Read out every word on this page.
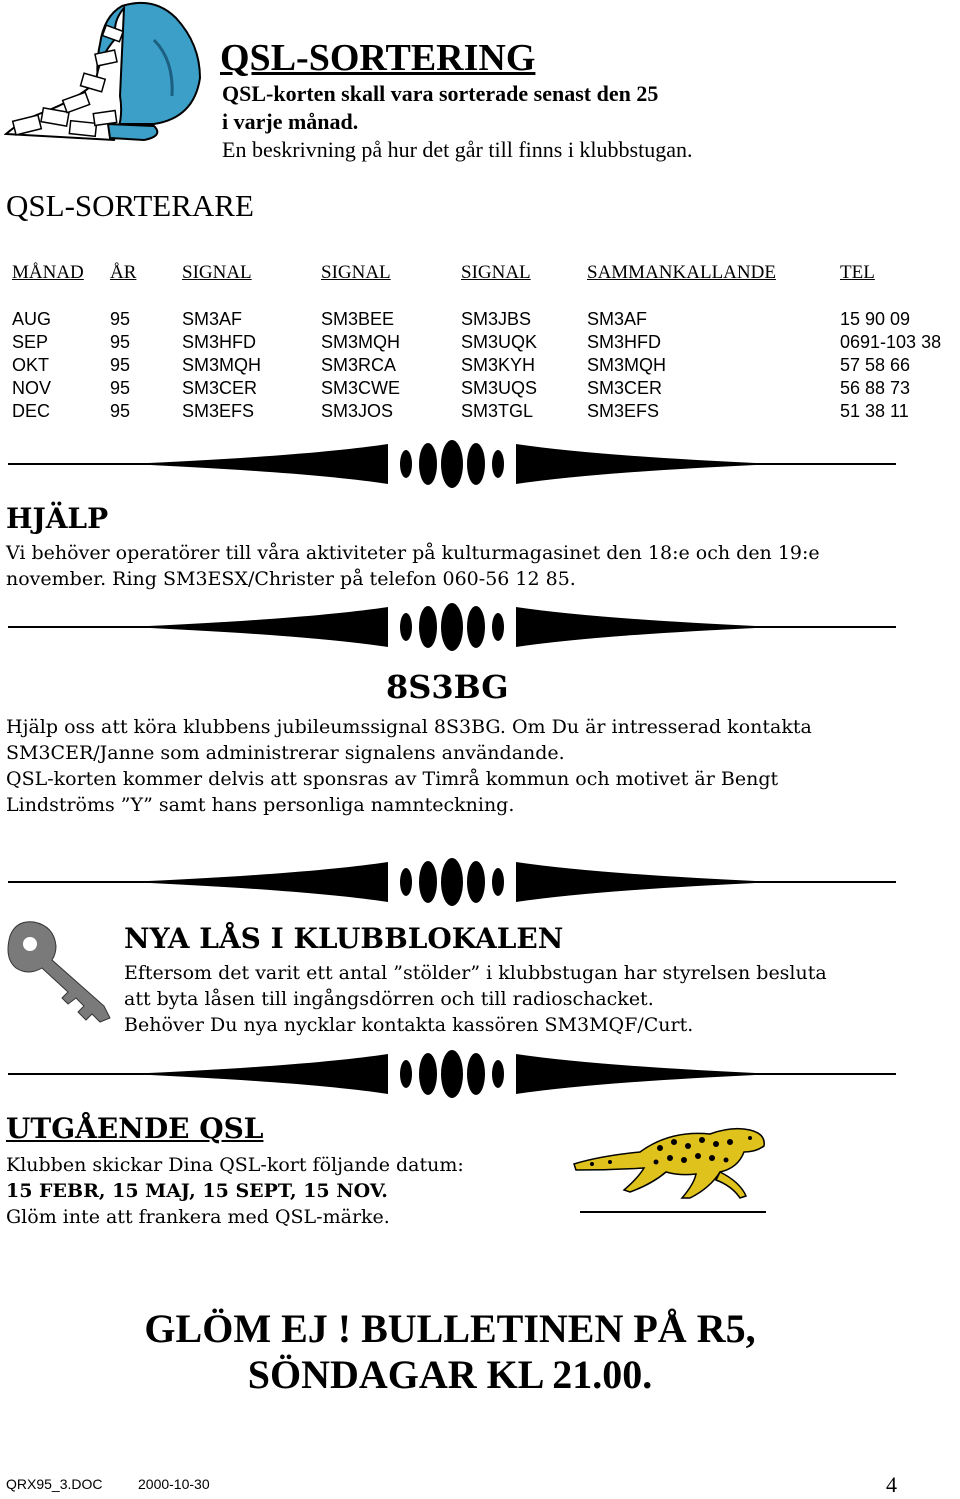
QSL-SORTERING
QSL-korten skall vara sorterade senast den 25
i varje månad.
En beskrivning på hur det går till finns i klubbstugan.
QSL-SORTERARE
MÅNAD	ÅR	SIGNAL	SIGNAL	SIGNAL	SAMMANKALLANDE	TEL

AUG	95	SM3AF	SM3BEE	SM3JBS	SM3AF	15 90 09
SEP	95	SM3HFD	SM3MQH	SM3UQK	SM3HFD	0691-103 38
OKT	95	SM3MQH	SM3RCA	SM3KYH	SM3MQH	57 58 66
NOV	95	SM3CER	SM3CWE	SM3UQS	SM3CER	56 88 73
DEC	95	SM3EFS	SM3JOS	SM3TGL	SM3EFS	51 38 11
HJÄLP
Vi behöver operatörer till våra aktiviteter på kulturmagasinet den 18:e och den 19:e
november. Ring SM3ESX/Christer på telefon 060-56 12 85.
8S3BG
Hjälp oss att köra klubbens jubileumssignal 8S3BG. Om Du är intresserad kontakta
SM3CER/Janne som administrerar signalens användande.
QSL-korten kommer delvis att sponsras av Timrå kommun och motivet är Bengt
Lindströms ”Y” samt hans personliga namnteckning.
NYA LÅS I KLUBBLOKALEN
Eftersom det varit ett antal ”stölder” i klubbstugan har styrelsen besluta
att byta låsen till ingångsdörren och till radioschacket.
Behöver Du nya nycklar kontakta kassören SM3MQF/Curt.
UTGÅENDE QSL
Klubben skickar Dina QSL-kort följande datum:
15 FEBR, 15 MAJ, 15 SEPT, 15 NOV.
Glöm inte att frankera med QSL-märke.
GLÖM EJ ! BULLETINEN PÅ R5,
SÖNDAGAR KL 21.00.
QRX95_3.DOC	2000-10-30	4
